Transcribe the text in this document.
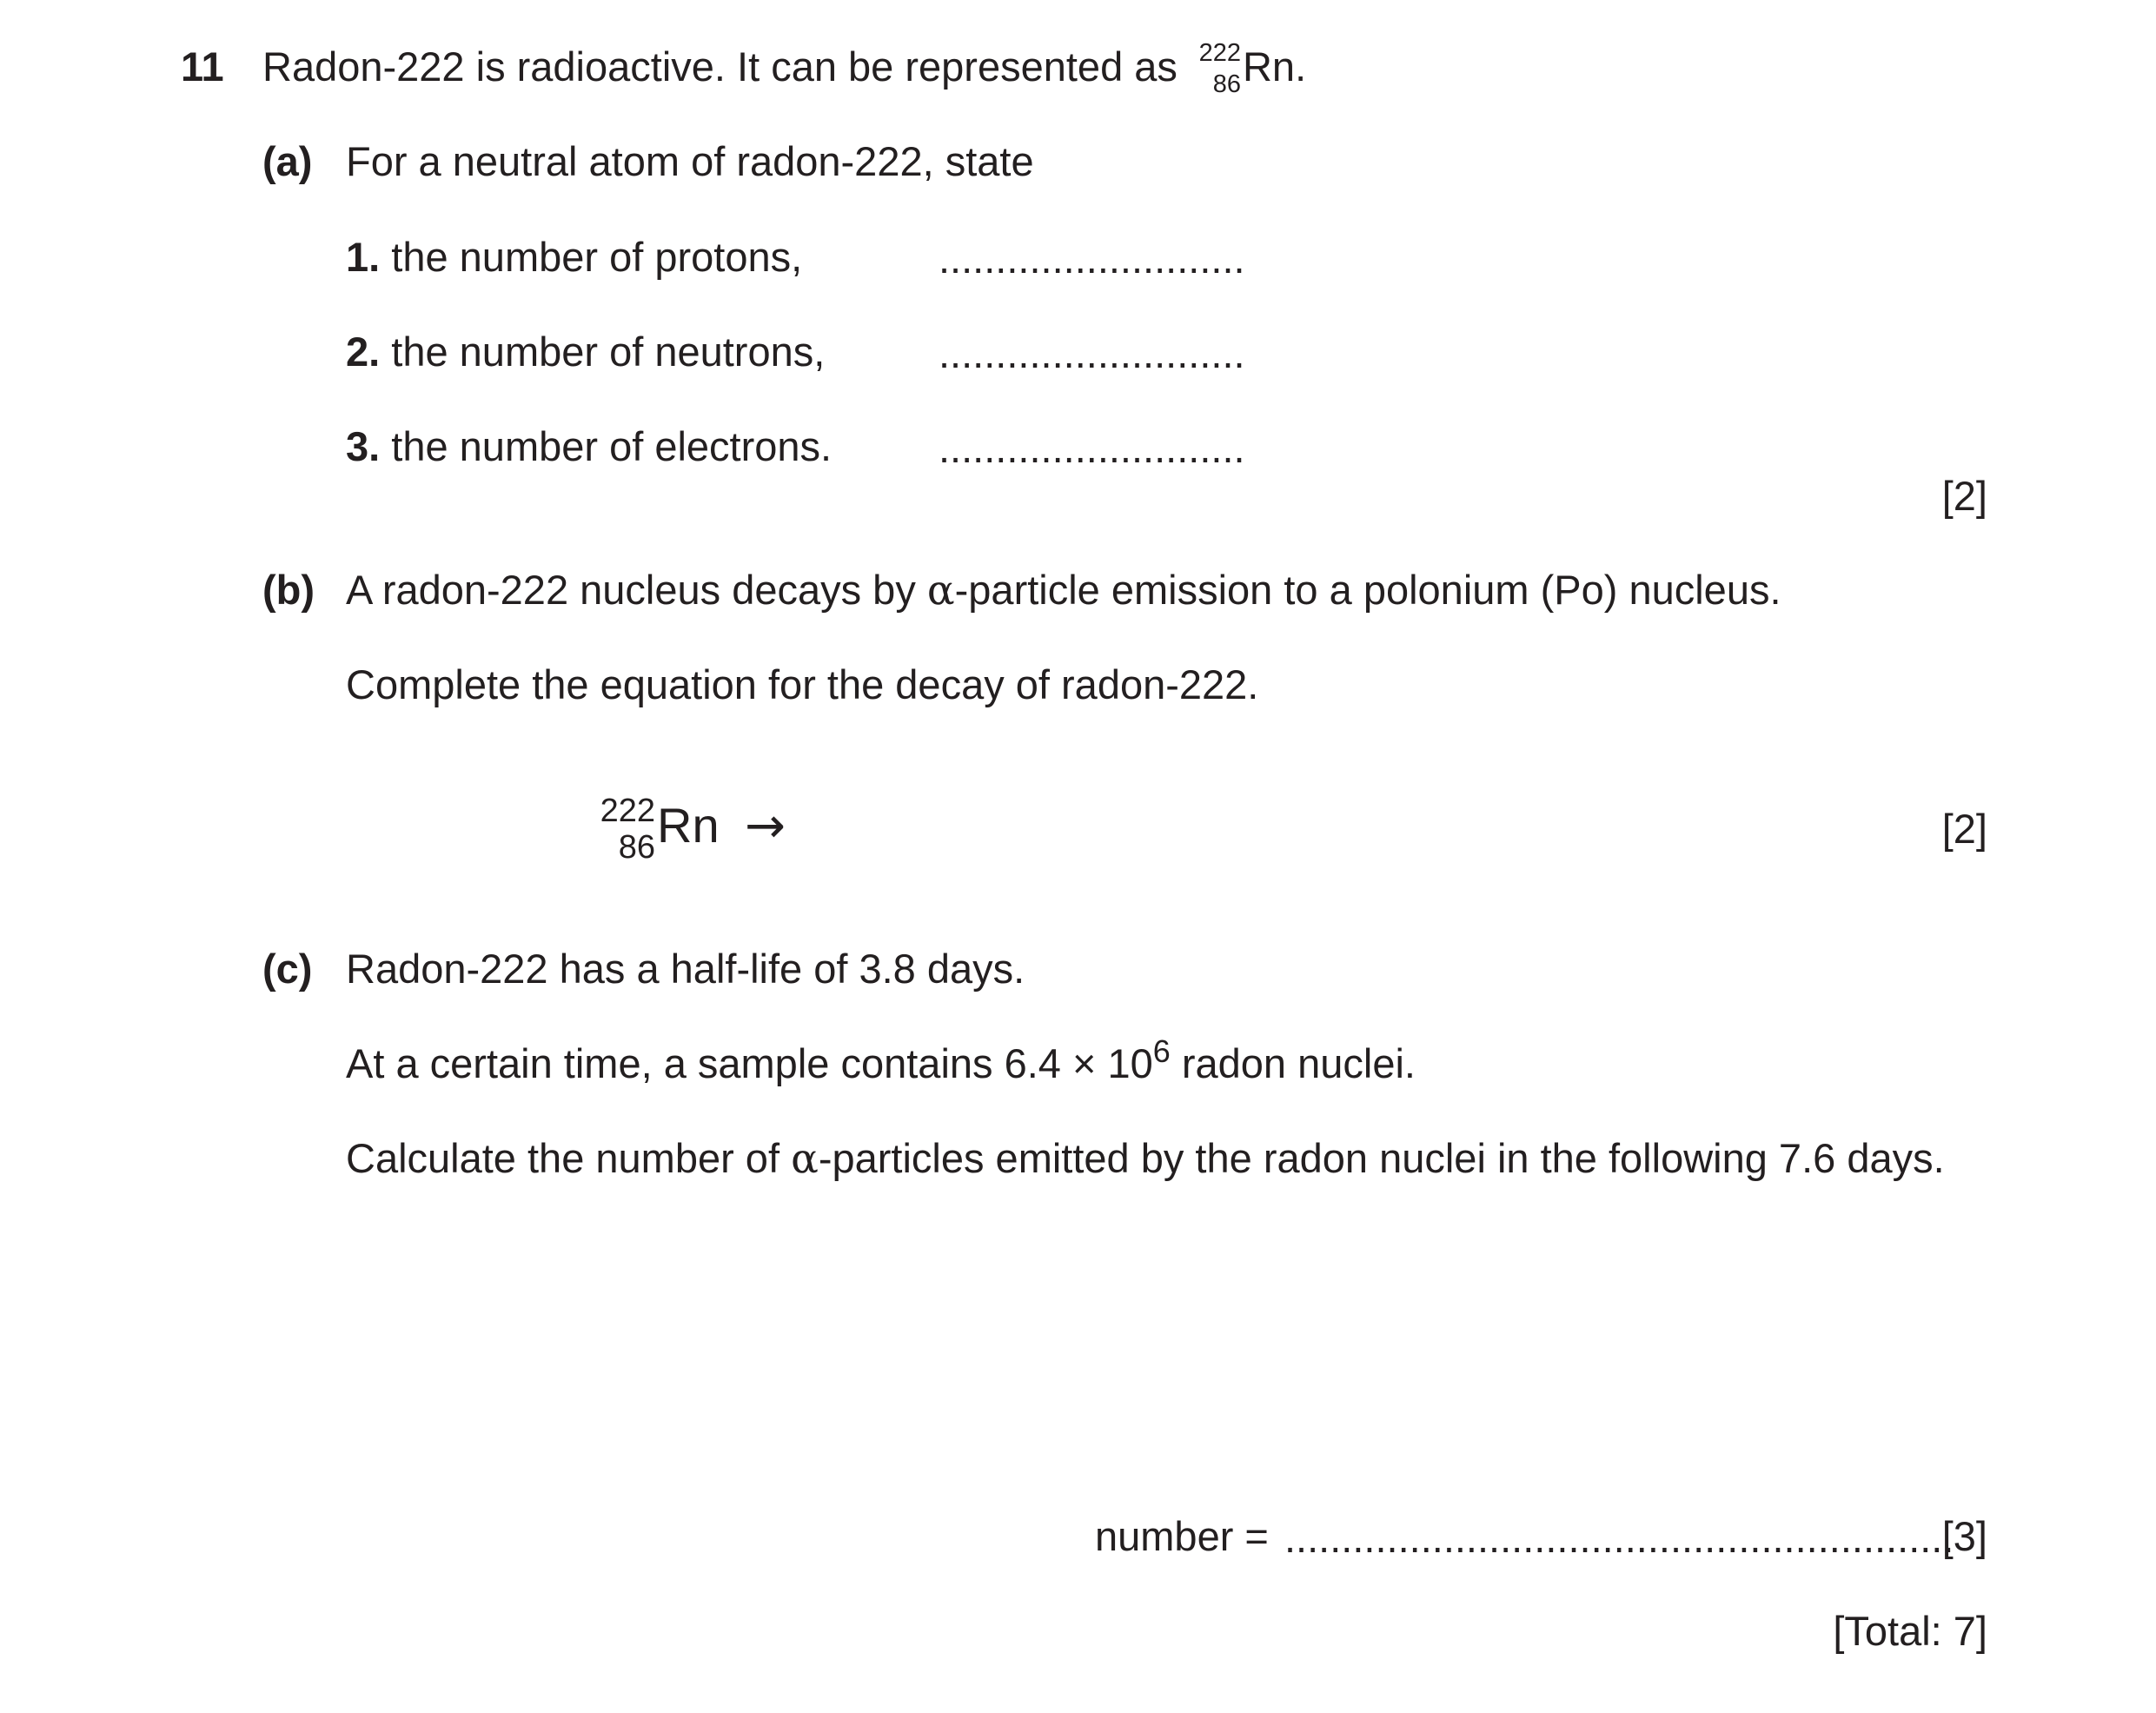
11 Radon-222 is radioactive. It can be represented as 222
86 Rn.
(a) For a neutral atom of radon-222, state
1. the number of protons,	...........................
2. the number of neutrons,	...........................
3. the number of electrons.	...........................
[2]
(b) A radon-222 nucleus decays by α-particle emission to a polonium (Po) nucleus.
Complete the equation for the decay of radon-222.
222
86 Rn →	[2]
(c) Radon-222 has a half-life of 3.8 days.
At a certain time, a sample contains $6.4 \times 10^6$ radon nuclei.
Calculate the number of α-particles emitted by the radon nuclei in the following 7.6 days.
number = ...........................................................
[3]
[Total: 7]
